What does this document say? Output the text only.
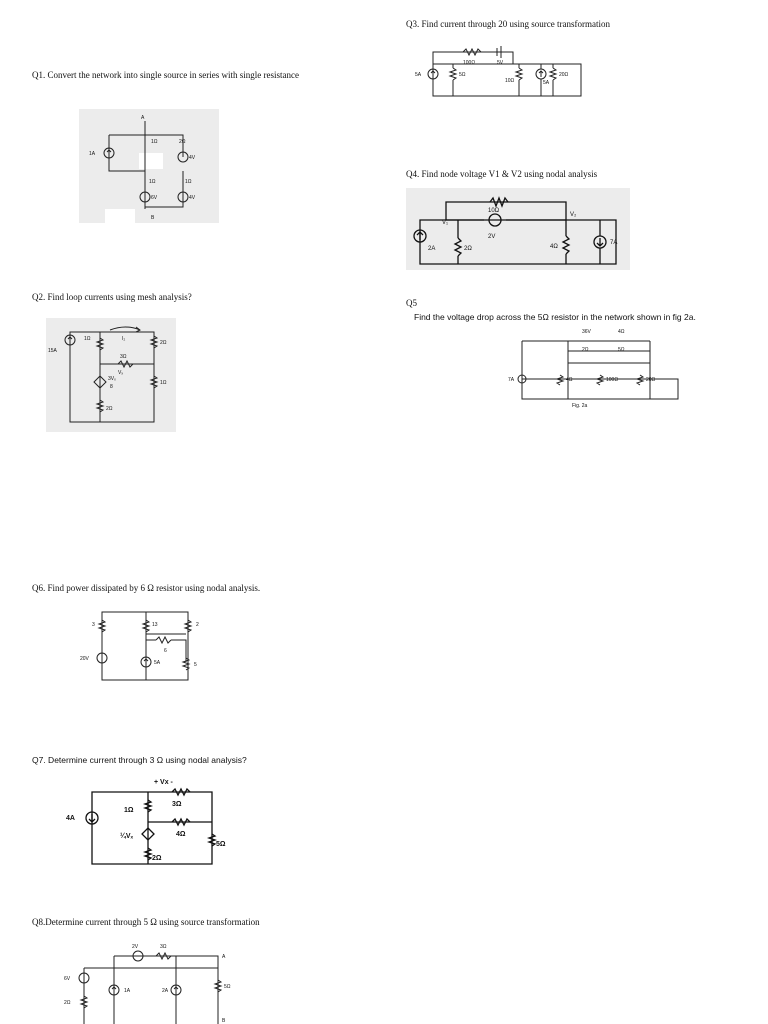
Q3. Find current through 20 using source transformation
100Ω	5V
5A	5Ω
10Ω	5A
20Ω
Q1. Convert the network into single source in series with single resistance
A
1A
1Ω	2Ω
4V
1Ω	1Ω
6V	4V
B
Q4. Find node voltage V1 & V2 using nodal analysis
10Ω
V₁
V₂
2A	2Ω
2V
4Ω
7A
Q2. Find loop currents using mesh analysis?
15A
1Ω	I₂
2Ω
3Ω
Vₓ
3Vₓ
8
1Ω
2Ω
Q5
Find the voltage drop across the 5Ω resistor in the network shown in fig 2a.
36V	4Ω
2Ω	5Ω
7A	4Ω	100Ω	20Ω
Fig. 2a
Q6. Find power dissipated by 6 Ω resistor using nodal analysis.
3	13	2
6
20V
5A	5
Q7. Determine current through 3 Ω using nodal analysis?
+ Vx -
3Ω
1Ω
4A
4Ω
¼Vₓ
2Ω
5Ω
Q8.Determine current through 5 Ω using source transformation
2V	3Ω
A
6V
1A	2A
5Ω
2Ω
B
